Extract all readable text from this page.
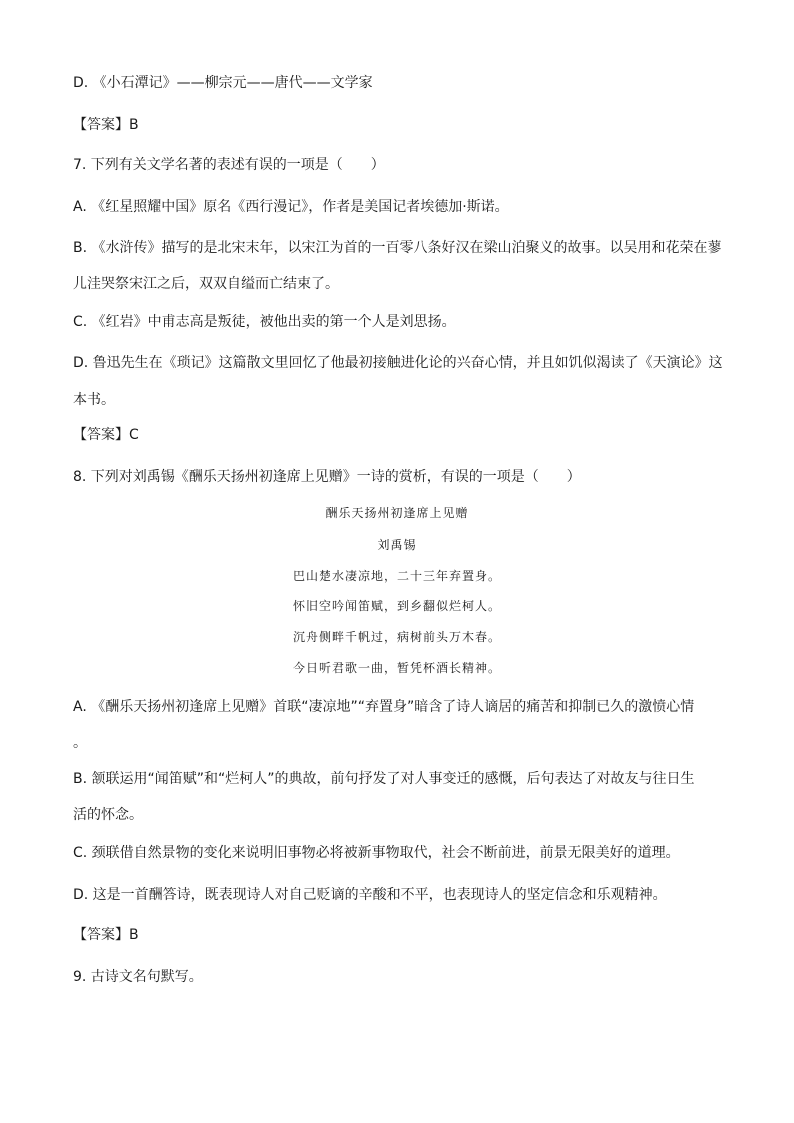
D. 《小石潭记》——柳宗元——唐代——文学家
【答案】B
7. 下列有关文学名著的表述有误的一项是（　　）
A. 《红星照耀中国》原名《西行漫记》，作者是美国记者埃德加·斯诺。
B. 《水浒传》描写的是北宋末年，以宋江为首的一百零八条好汉在梁山泊聚义的故事。以吴用和花荣在蓼
儿洼哭祭宋江之后，双双自缢而亡结束了。
C. 《红岩》中甫志高是叛徒，被他出卖的第一个人是刘思扬。
D. 鲁迅先生在《琐记》这篇散文里回忆了他最初接触进化论的兴奋心情，并且如饥似渴读了《天演论》这
本书。
【答案】C
8. 下列对刘禹锡《酬乐天扬州初逢席上见赠》一诗的赏析，有误的一项是（　　）
酬乐天扬州初逢席上见赠
刘禹锡
巴山楚水凄凉地，二十三年弃置身。
怀旧空吟闻笛赋，到乡翻似烂柯人。
沉舟侧畔千帆过，病树前头万木春。
今日听君歌一曲，暂凭杯酒长精神。
A. 《酬乐天扬州初逢席上见赠》首联“凄凉地”“弃置身”暗含了诗人谪居的痛苦和抑制已久的激愤心情
。
B. 颔联运用“闻笛赋”和“烂柯人”的典故，前句抒发了对人事变迁的感慨，后句表达了对故友与往日生
活的怀念。
C. 颈联借自然景物的变化来说明旧事物必将被新事物取代，社会不断前进，前景无限美好的道理。
D. 这是一首酬答诗，既表现诗人对自己贬谪的辛酸和不平，也表现诗人的坚定信念和乐观精神。
【答案】B
9. 古诗文名句默写。
